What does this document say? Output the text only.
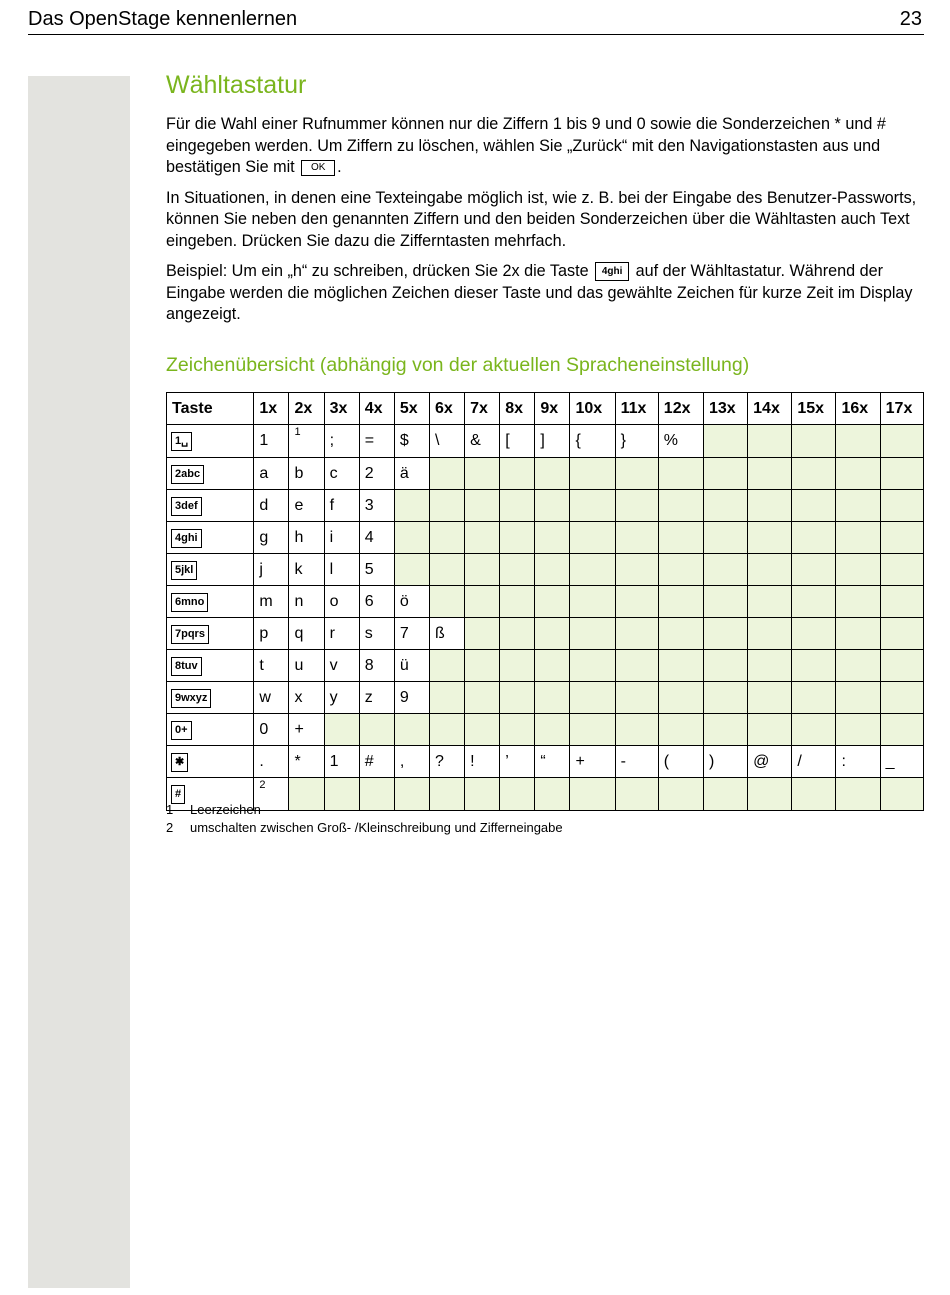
Das OpenStage kennenlernen	23
Wähltastatur

Für die Wahl einer Rufnummer können nur die Ziffern 1 bis 9 und 0 sowie die Sonderzeichen * und # eingegeben werden. Um Ziffern zu löschen, wählen Sie „Zurück“ mit den Navigationstasten aus und bestätigen Sie mit OK .

In Situationen, in denen eine Texteingabe möglich ist, wie z. B. bei der Eingabe des Benutzer-Passworts, können Sie neben den genannten Ziffern und den beiden Sonderzeichen über die Wähltasten auch Text eingeben. Drücken Sie dazu die Zifferntasten mehrfach.

Beispiel: Um ein „h“ zu schreiben, drücken Sie 2x die Taste 4ghi auf der Wähltastatur. Während der Eingabe werden die möglichen Zeichen dieser Taste und das gewählte Zeichen für kurze Zeit im Display angezeigt.

Zeichenübersicht (abhängig von der aktuellen Spracheneinstellung)
Taste	1x	2x	3x	4x	5x	6x	7x	8x	9x	10x	11x	12x	13x	14x	15x	16x	17x
1␣	1	1	;	=	$	\	&	[	]	{	}	%					
2abc	a	b	c	2	ä												
3def	d	e	f	3													
4ghi	g	h	i	4													
5jkl	j	k	l	5													
6mno	m	n	o	6	ö												
7pqrs	p	q	r	s	7	ß											
8tuv	t	u	v	8	ü												
9wxyz	w	x	y	z	9												
0+	0	+															
✱	.	*	1	#	,	?	!	’	“	+	-	(	)	@	/	:	_
#	2																
1 Leerzeichen
2 umschalten zwischen Groß- /Kleinschreibung und Zifferneingabe
